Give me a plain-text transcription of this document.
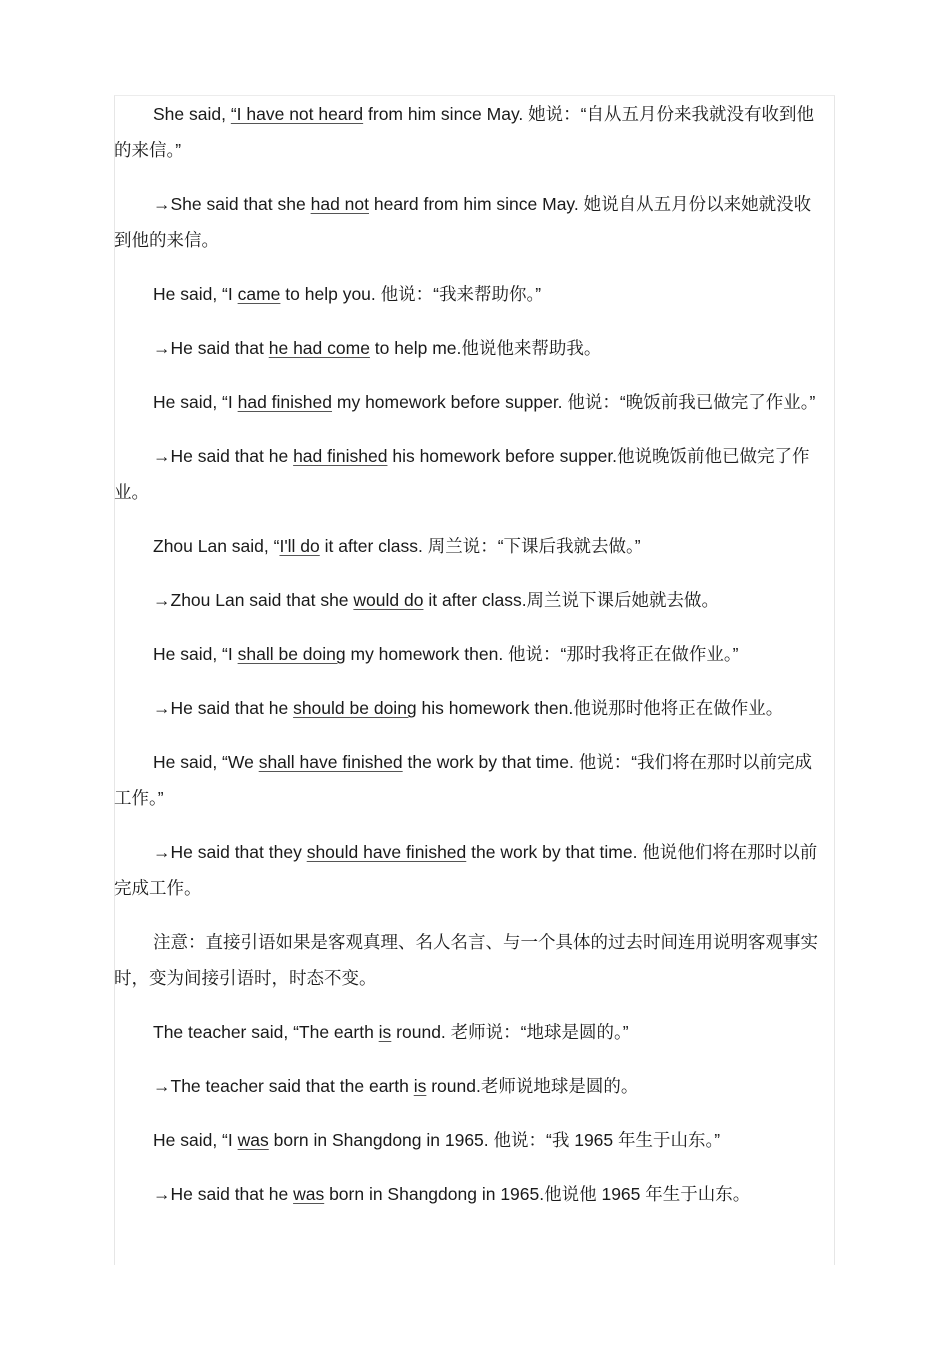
She said, “I have not heard from him since May. 她说：“自从五月份来我就没有收到他的来信。”

→She said that she had not heard from him since May. 她说自从五月份以来她就没收到他的来信。

He said, “I came to help you. 他说：“我来帮助你。”

→He said that he had come to help me.他说他来帮助我。

He said, “I had finished my homework before supper. 他说：“晚饭前我已做完了作业。”

→He said that he had finished his homework before supper.他说晚饭前他已做完了作业。

Zhou Lan said, “I'll do it after class. 周兰说：“下课后我就去做。”

→Zhou Lan said that she would do it after class.周兰说下课后她就去做。

He said, “I shall be doing my homework then. 他说：“那时我将正在做作业。”

→He said that he should be doing his homework then.他说那时他将正在做作业。

He said, “We shall have finished the work by that time. 他说：“我们将在那时以前完成工作。”

→He said that they should have finished the work by that time. 他说他们将在那时以前完成工作。

注意：直接引语如果是客观真理、名人名言、与一个具体的过去时间连用说明客观事实时，变为间接引语时，时态不变。

The teacher said, “The earth is round. 老师说：“地球是圆的。”

→The teacher said that the earth is round.老师说地球是圆的。

He said, “I was born in Shangdong in 1965. 他说：“我 1965 年生于山东。”

→He said that he was born in Shangdong in 1965.他说他 1965 年生于山东。
